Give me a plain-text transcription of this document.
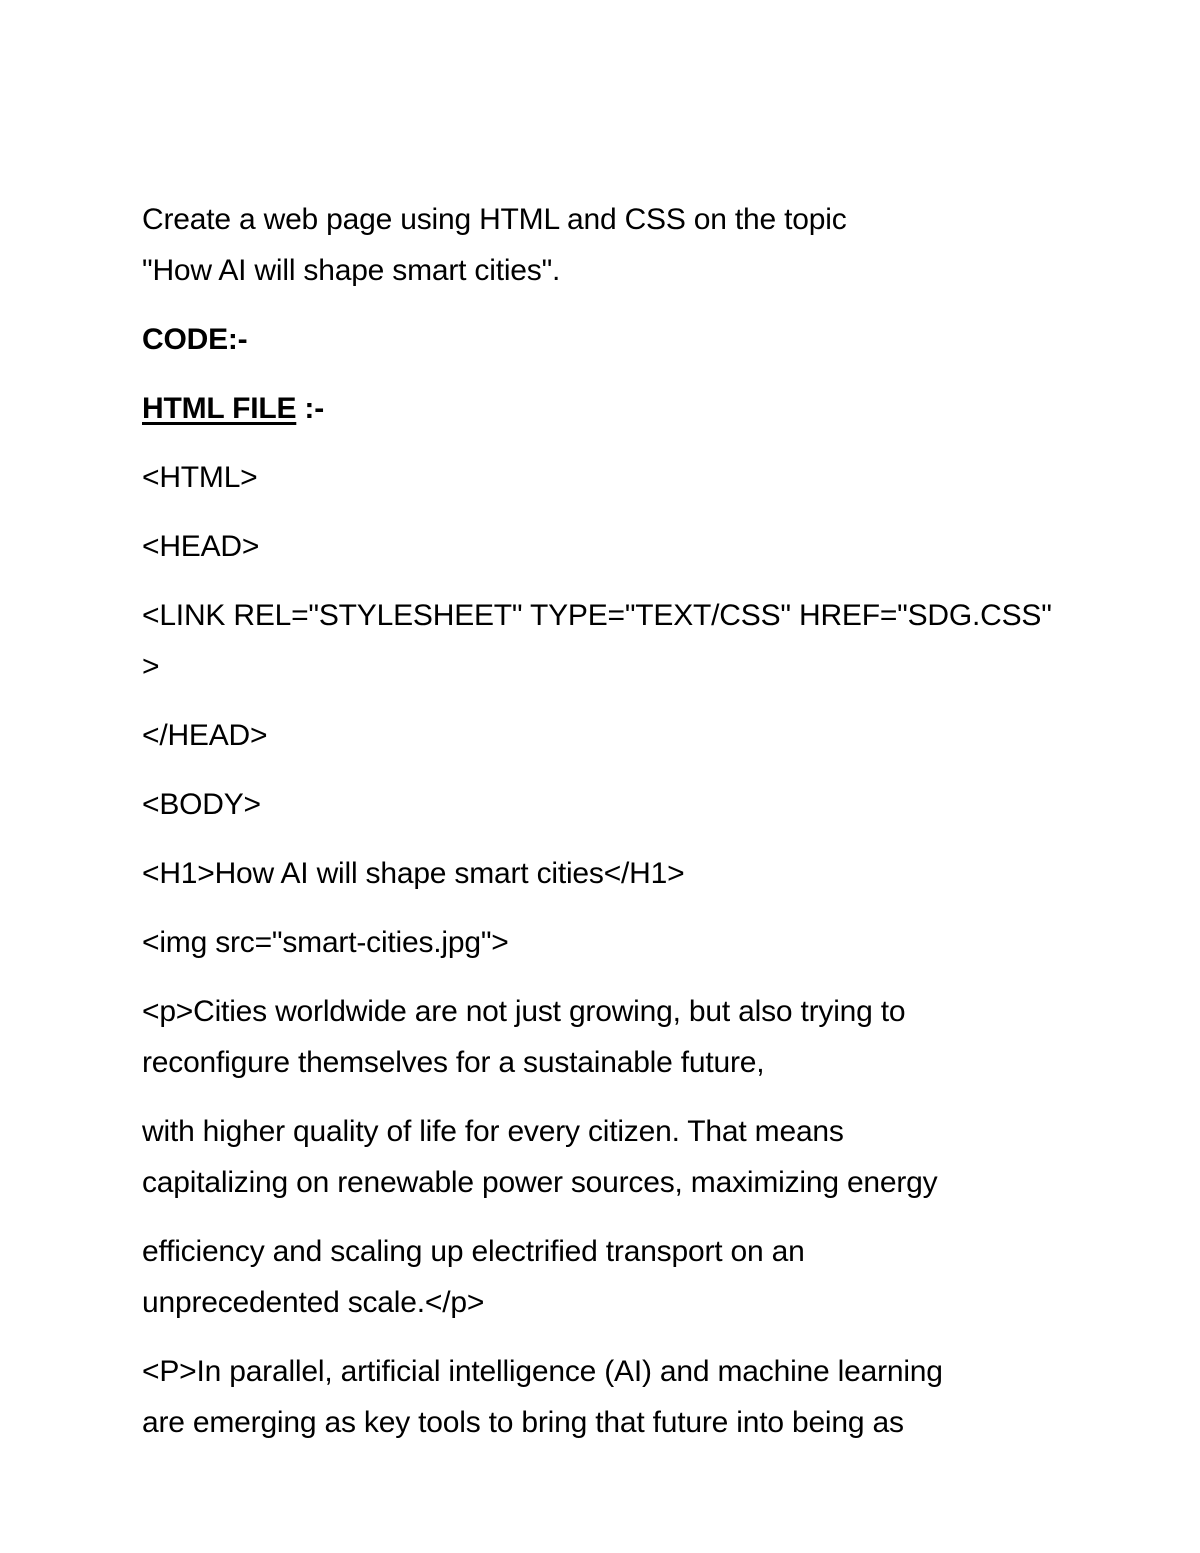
Create a web page using HTML and CSS on the topic
"How AI will shape smart cities".

CODE:-

HTML FILE :-

<HTML>

<HEAD>

<LINK REL="STYLESHEET" TYPE="TEXT/CSS" HREF="SDG.CSS" >

</HEAD>

<BODY>

<H1>How AI will shape smart cities</H1>

<img src="smart-cities.jpg">

<p>Cities worldwide are not just growing, but also trying to
reconfigure themselves for a sustainable future,

with higher quality of life for every citizen. That means
capitalizing on renewable power sources, maximizing energy

efficiency and scaling up electrified transport on an
unprecedented scale.</p>

<P>In parallel, artificial intelligence (AI) and machine learning
are emerging as key tools to bring that future into being as
